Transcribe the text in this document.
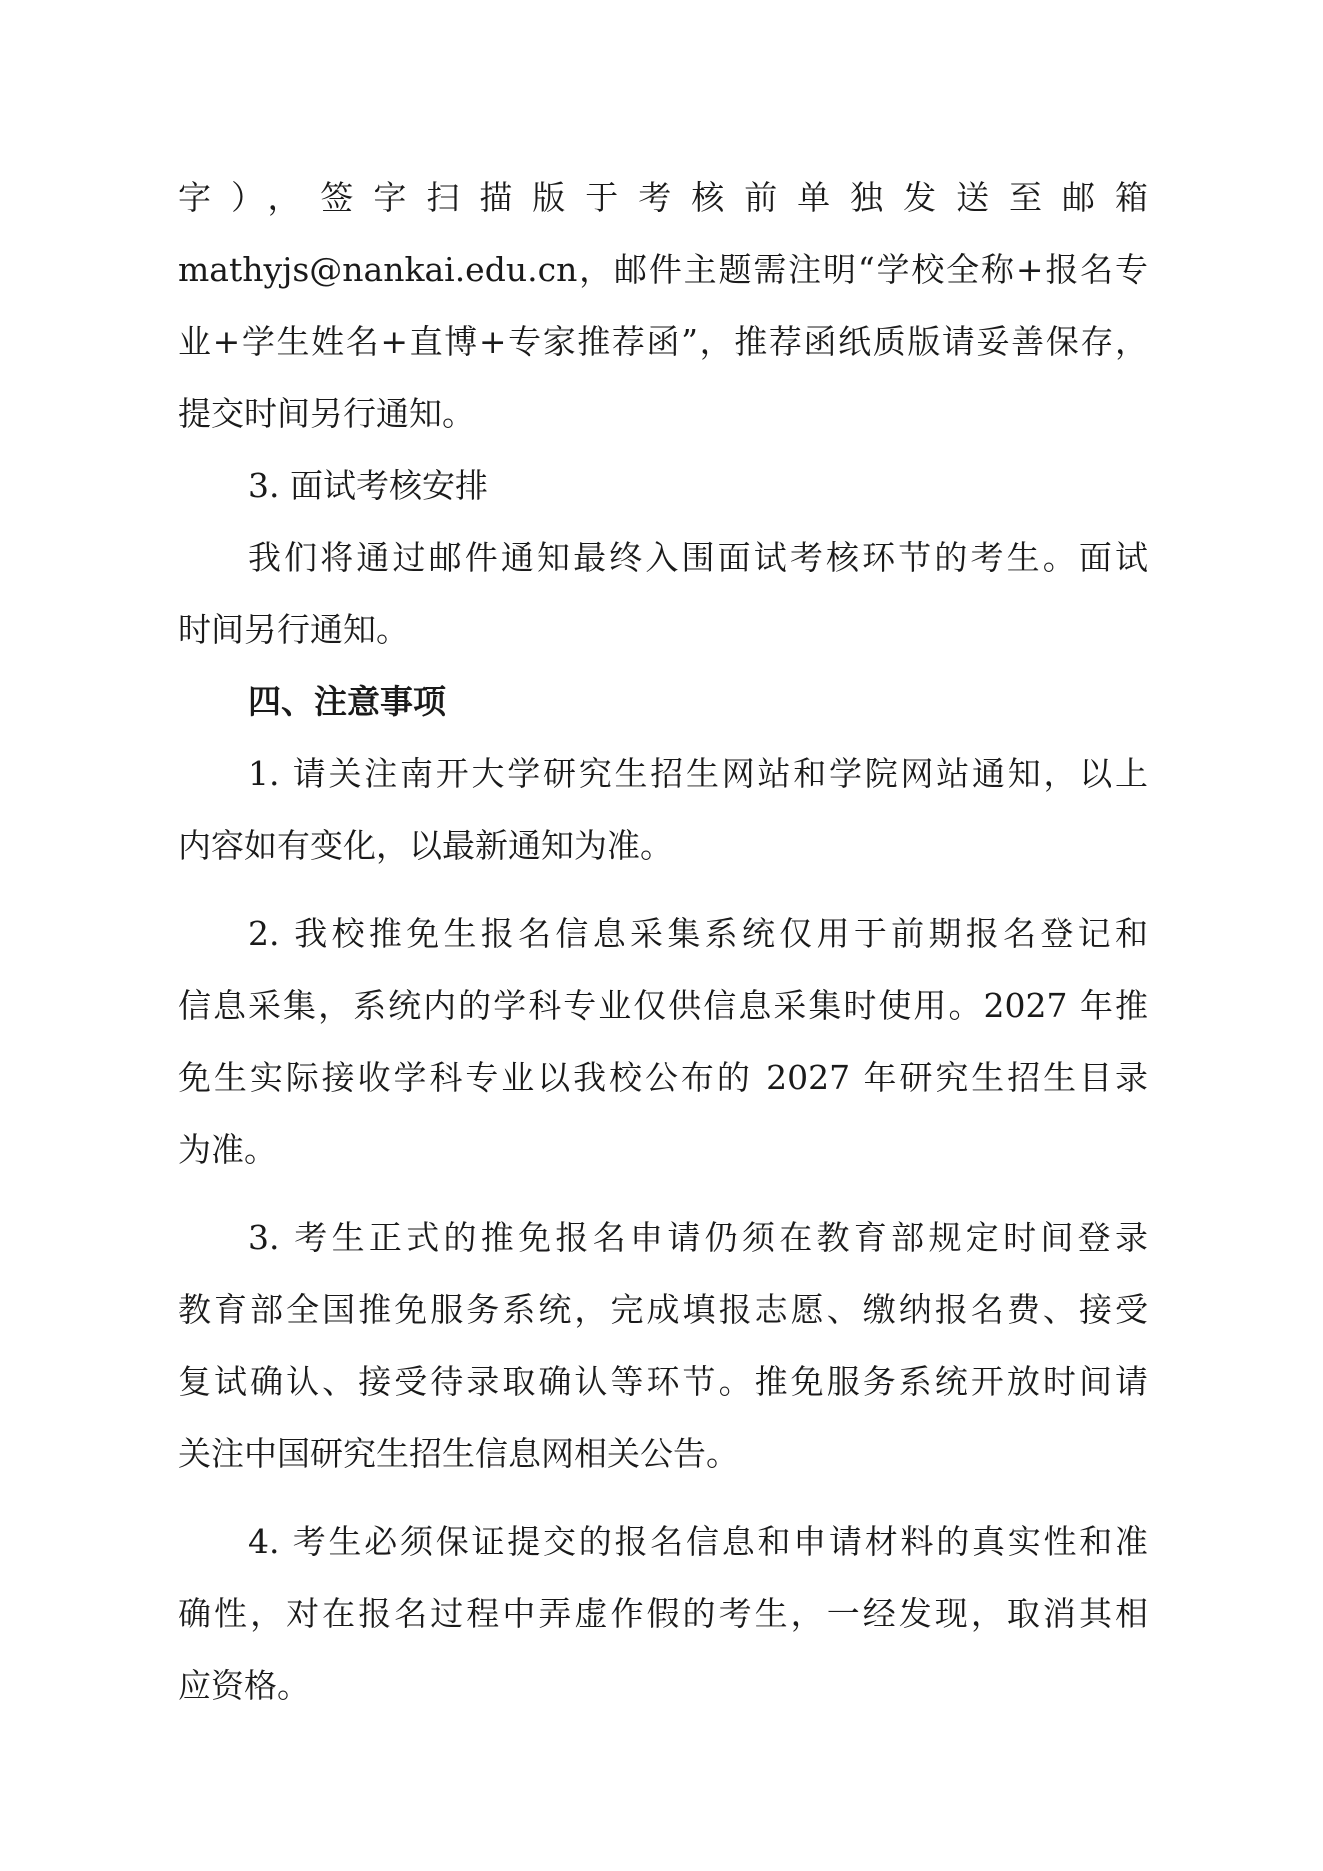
字），签字扫描版于考核前单独发送至邮箱
mathyjs@nankai.edu.cn，邮件主题需注明“学校全称+报名专
业+学生姓名+直博+专家推荐函”，推荐函纸质版请妥善保存，
提交时间另行通知。
3. 面试考核安排
我们将通过邮件通知最终入围面试考核环节的考生。面试
时间另行通知。
四、注意事项
1. 请关注南开大学研究生招生网站和学院网站通知，以上
内容如有变化，以最新通知为准。
2. 我校推免生报名信息采集系统仅用于前期报名登记和
信息采集，系统内的学科专业仅供信息采集时使用。2027 年推
免生实际接收学科专业以我校公布的 2027 年研究生招生目录
为准。
3. 考生正式的推免报名申请仍须在教育部规定时间登录
教育部全国推免服务系统，完成填报志愿、缴纳报名费、接受
复试确认、接受待录取确认等环节。推免服务系统开放时间请
关注中国研究生招生信息网相关公告。
4. 考生必须保证提交的报名信息和申请材料的真实性和准
确性，对在报名过程中弄虚作假的考生，一经发现，取消其相
应资格。
